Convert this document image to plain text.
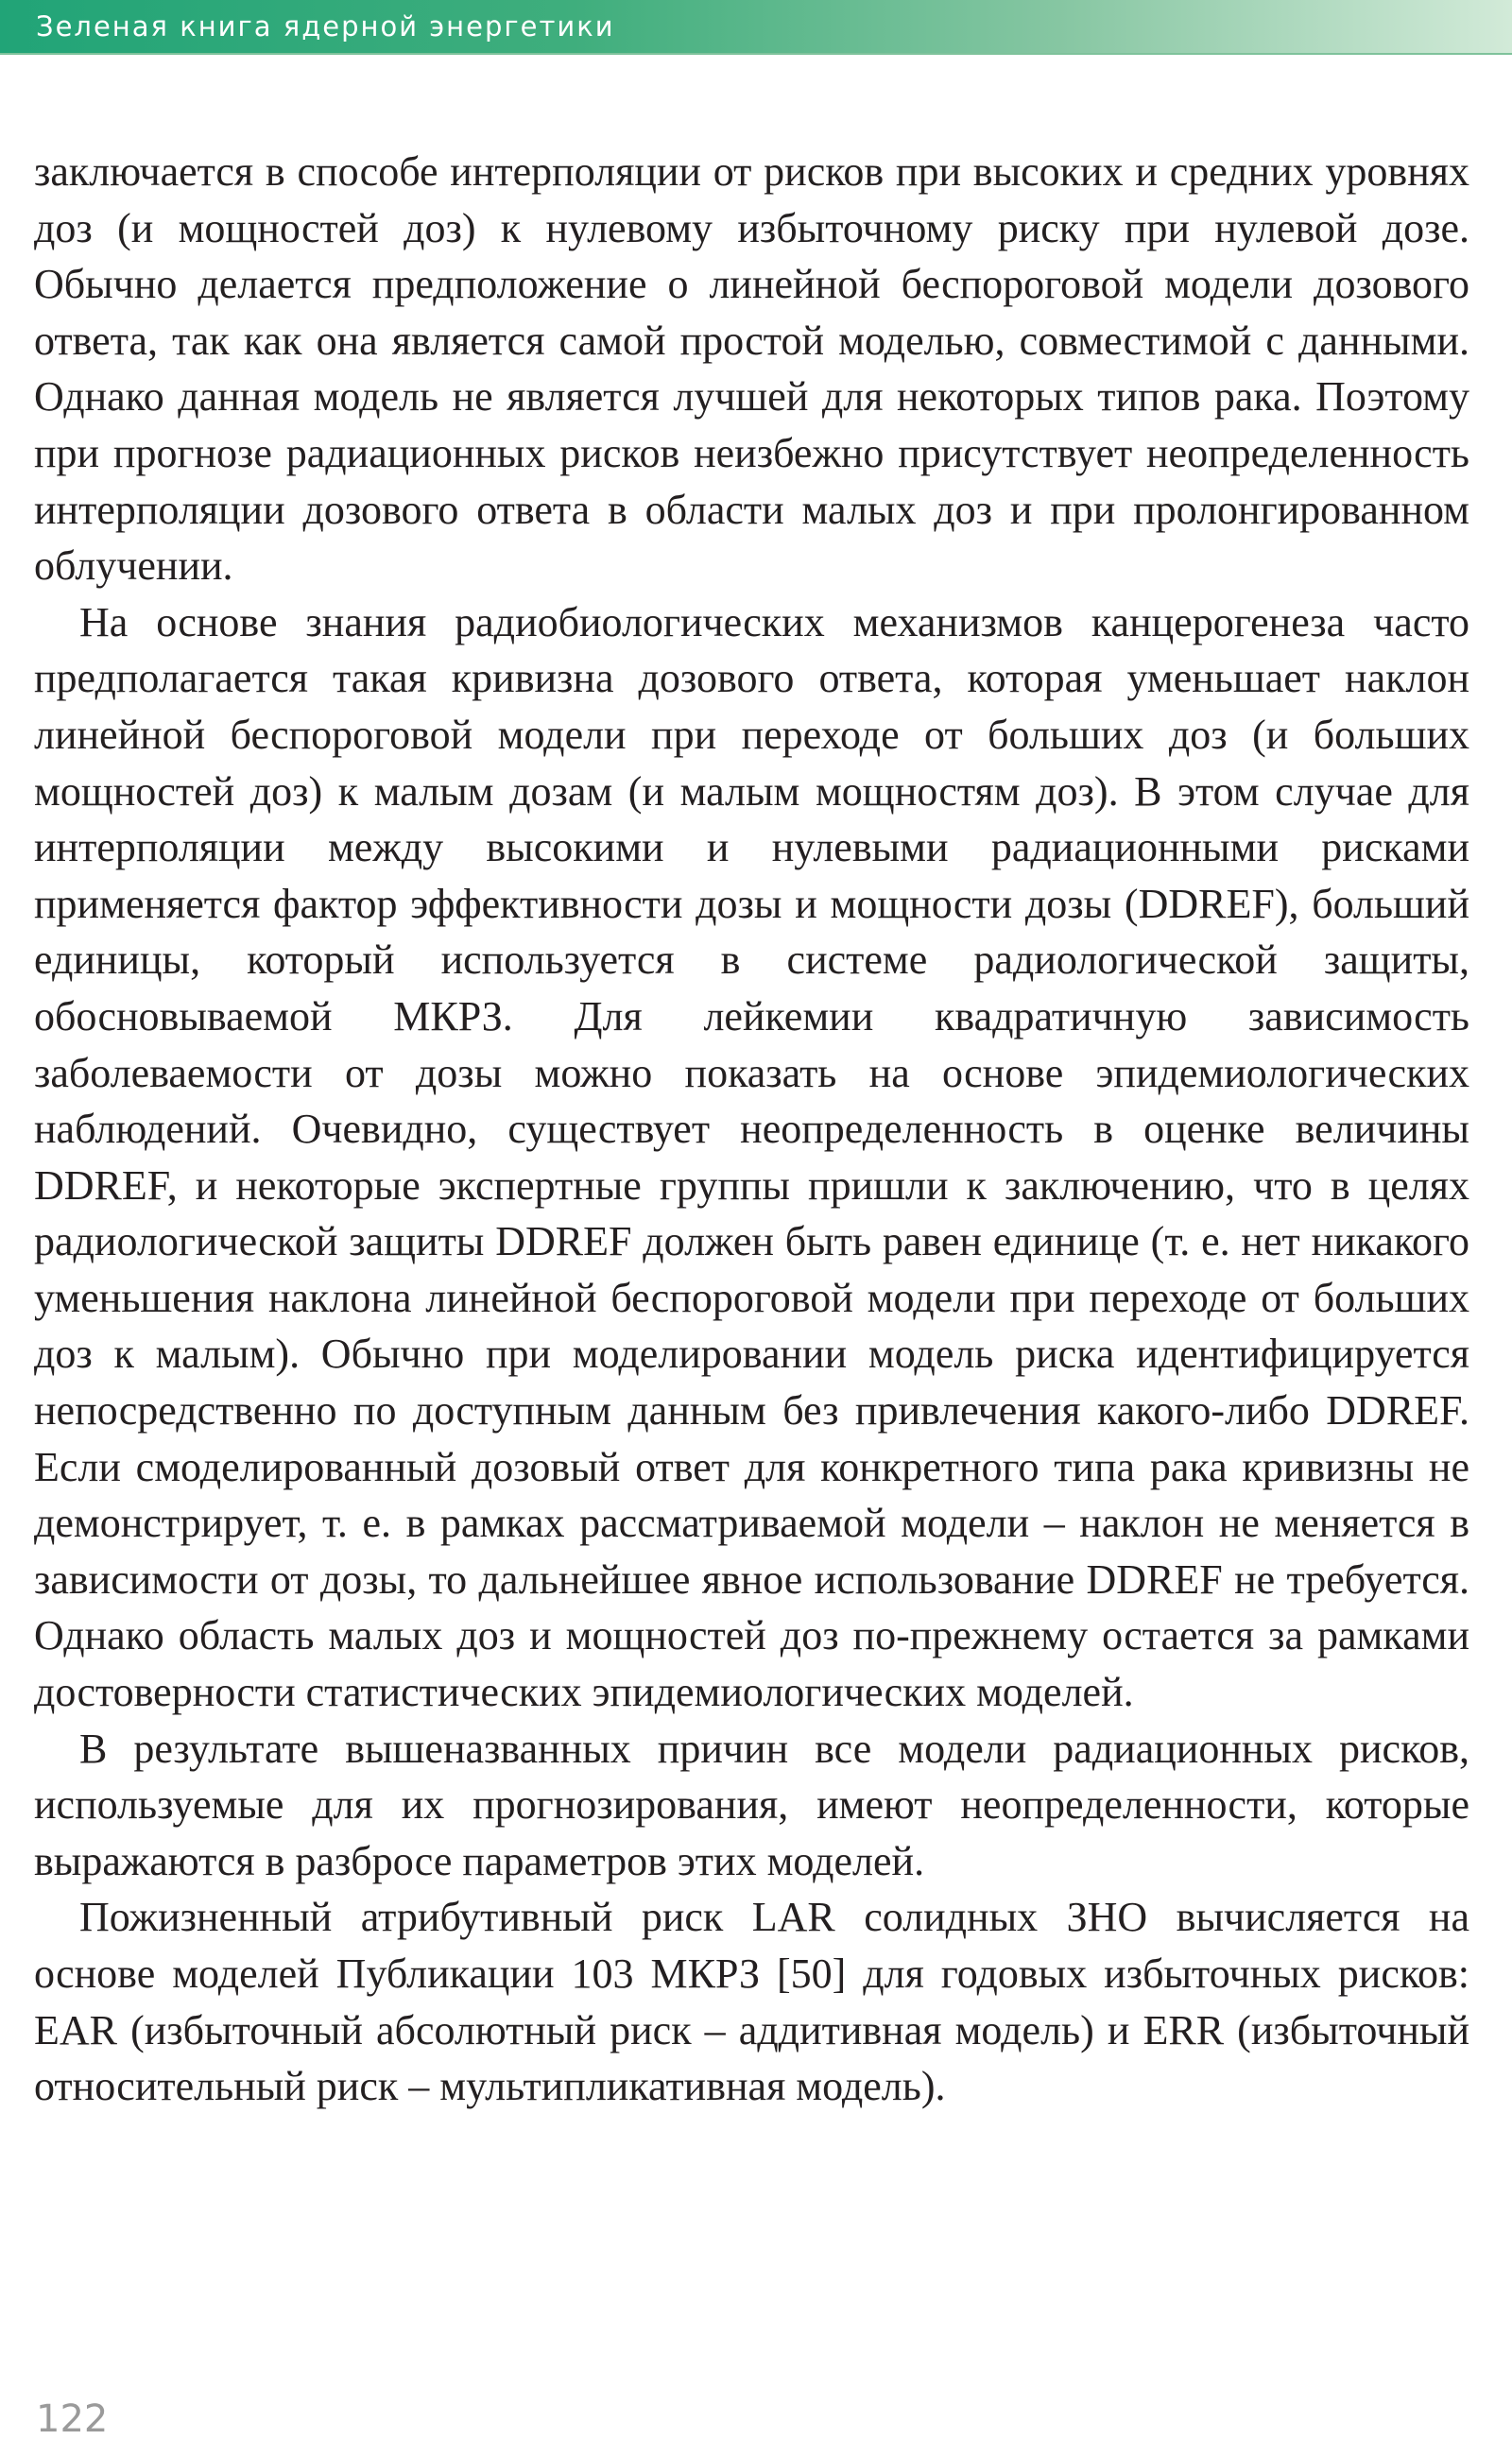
Зеленая книга ядерной энергетики

заключается в способе интерполяции от рисков при высоких и средних уровнях доз (и мощностей доз) к нулевому избыточному риску при нулевой дозе. Обычно делается предположение о линейной беспороговой модели дозового ответа, так как она является самой простой моделью, совместимой с данными. Однако данная модель не является лучшей для некоторых типов рака. Поэтому при прогнозе радиационных рисков неизбежно присутствует неопределенность интерполяции дозового ответа в области малых доз и при пролонгированном облучении.

На основе знания радиобиологических механизмов канцерогенеза часто предполагается такая кривизна дозового ответа, которая уменьшает наклон линейной беспороговой модели при переходе от больших доз (и больших мощностей доз) к малым дозам (и малым мощностям доз). В этом случае для интерполяции между высокими и нулевыми радиационными рисками применяется фактор эффективности дозы и мощности дозы (DDREF), больший единицы, который используется в системе радиологической защиты, обосновываемой МКРЗ. Для лейкемии квадратичную зависимость заболеваемости от дозы можно показать на основе эпидемиологических наблюдений. Очевидно, существует неопределенность в оценке величины DDREF, и некоторые экспертные группы пришли к заключению, что в целях радиологической защиты DDREF должен быть равен единице (т. е. нет никакого уменьшения наклона линейной беспороговой модели при переходе от больших доз к малым). Обычно при моделировании модель риска идентифицируется непосредственно по доступным данным без привлечения какого-либо DDREF. Если смоделированный дозовый ответ для конкретного типа рака кривизны не демонстрирует, т. е. в рамках рассматриваемой модели – наклон не меняется в зависимости от дозы, то дальнейшее явное использование DDREF не требуется. Однако область малых доз и мощностей доз по-прежнему остается за рамками достоверности статистических эпидемиологических моделей.

В результате вышеназванных причин все модели радиационных рисков, используемые для их прогнозирования, имеют неопределенности, которые выражаются в разбросе параметров этих моделей.

Пожизненный атрибутивный риск LAR солидных ЗНО вычисляется на основе моделей Публикации 103 МКРЗ [50] для годовых избыточных рисков: EAR (избыточный абсолютный риск – аддитивная модель) и ERR (избыточный относительный риск – мультипликативная модель).

122
